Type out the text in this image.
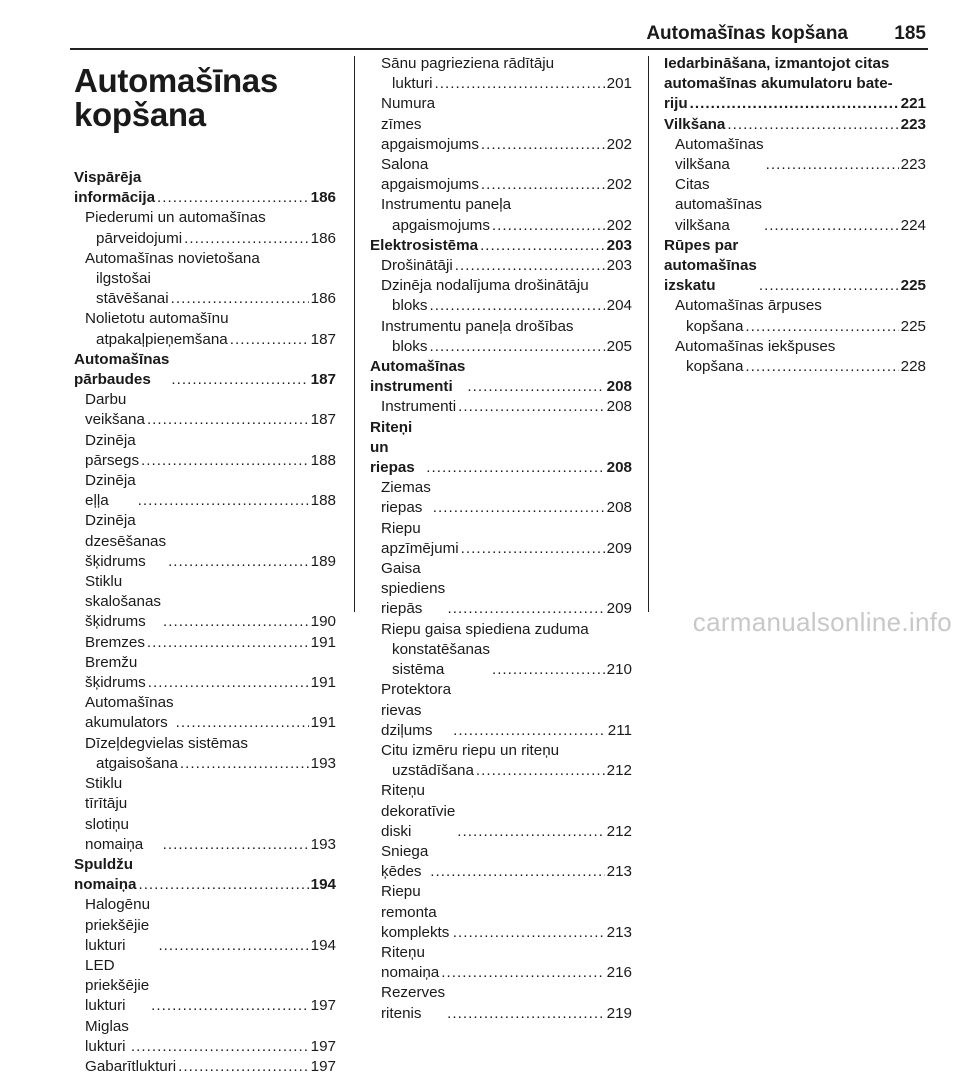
Automašīnas kopšana 185
Automašīnas
kopšana
Vispārēja informācija . . .	186
Piederumi un automašīnas
pārveidojumi . . .	186
Automašīnas novietošana
ilgstošai stāvēšanai . . .	186
Nolietotu automašīnu
atpakaļpieņemšana . . .	187
Automašīnas pārbaudes . . .	187
Darbu veikšana . . .	187
Dzinēja pārsegs . . .	188
Dzinēja eļļa . . .	188
Dzinēja dzesēšanas šķidrums . . .	189
Stiklu skalošanas šķidrums . . .	190
Bremzes . . .	191
Bremžu šķidrums . . .	191
Automašīnas akumulators . . .	191
Dīzeļdegvielas sistēmas
atgaisošana . . .	193
Stiklu tīrītāju slotiņu nomaiņa . . .	193
Spuldžu nomaiņa . . .	194
Halogēnu priekšējie lukturi . . .	194
LED priekšējie lukturi . . .	197
Miglas lukturi . . .	197
Gabarītlukturi . . .	197
Sānu pagrieziena rādītāju
lukturi . . .	201
Numura zīmes apgaismojums . . .	202
Salona apgaismojums . . .	202
Instrumentu paneļa
apgaismojums . . .	202
Elektrosistēma . . .	203
Drošinātāji . . .	203
Dzinēja nodalījuma drošinātāju
bloks . . .	204
Instrumentu paneļa drošības
bloks . . .	205
Automašīnas instrumenti . . .	208
Instrumenti . . .	208
Riteņi un riepas . . .	208
Ziemas riepas . . .	208
Riepu apzīmējumi . . .	209
Gaisa spiediens riepās . . .	209
Riepu gaisa spiediena zuduma
konstatēšanas sistēma . . .	210
Protektora rievas dziļums . . .	211
Citu izmēru riepu un riteņu
uzstādīšana . . .	212
Riteņu dekoratīvie diski . . .	212
Sniega ķēdes . . .	213
Riepu remonta komplekts . . .	213
Riteņu nomaiņa . . .	216
Rezerves ritenis . . .	219
Iedarbināšana, izmantojot citas
automašīnas akumulatoru bate-
riju . . .	221
Vilkšana . . .	223
Automašīnas vilkšana . . .	223
Citas automašīnas vilkšana . . .	224
Rūpes par automašīnas izskatu . . .	225
Automašīnas ārpuses
kopšana . . .	225
Automašīnas iekšpuses
kopšana . . .	228
carmanualsonline.info
